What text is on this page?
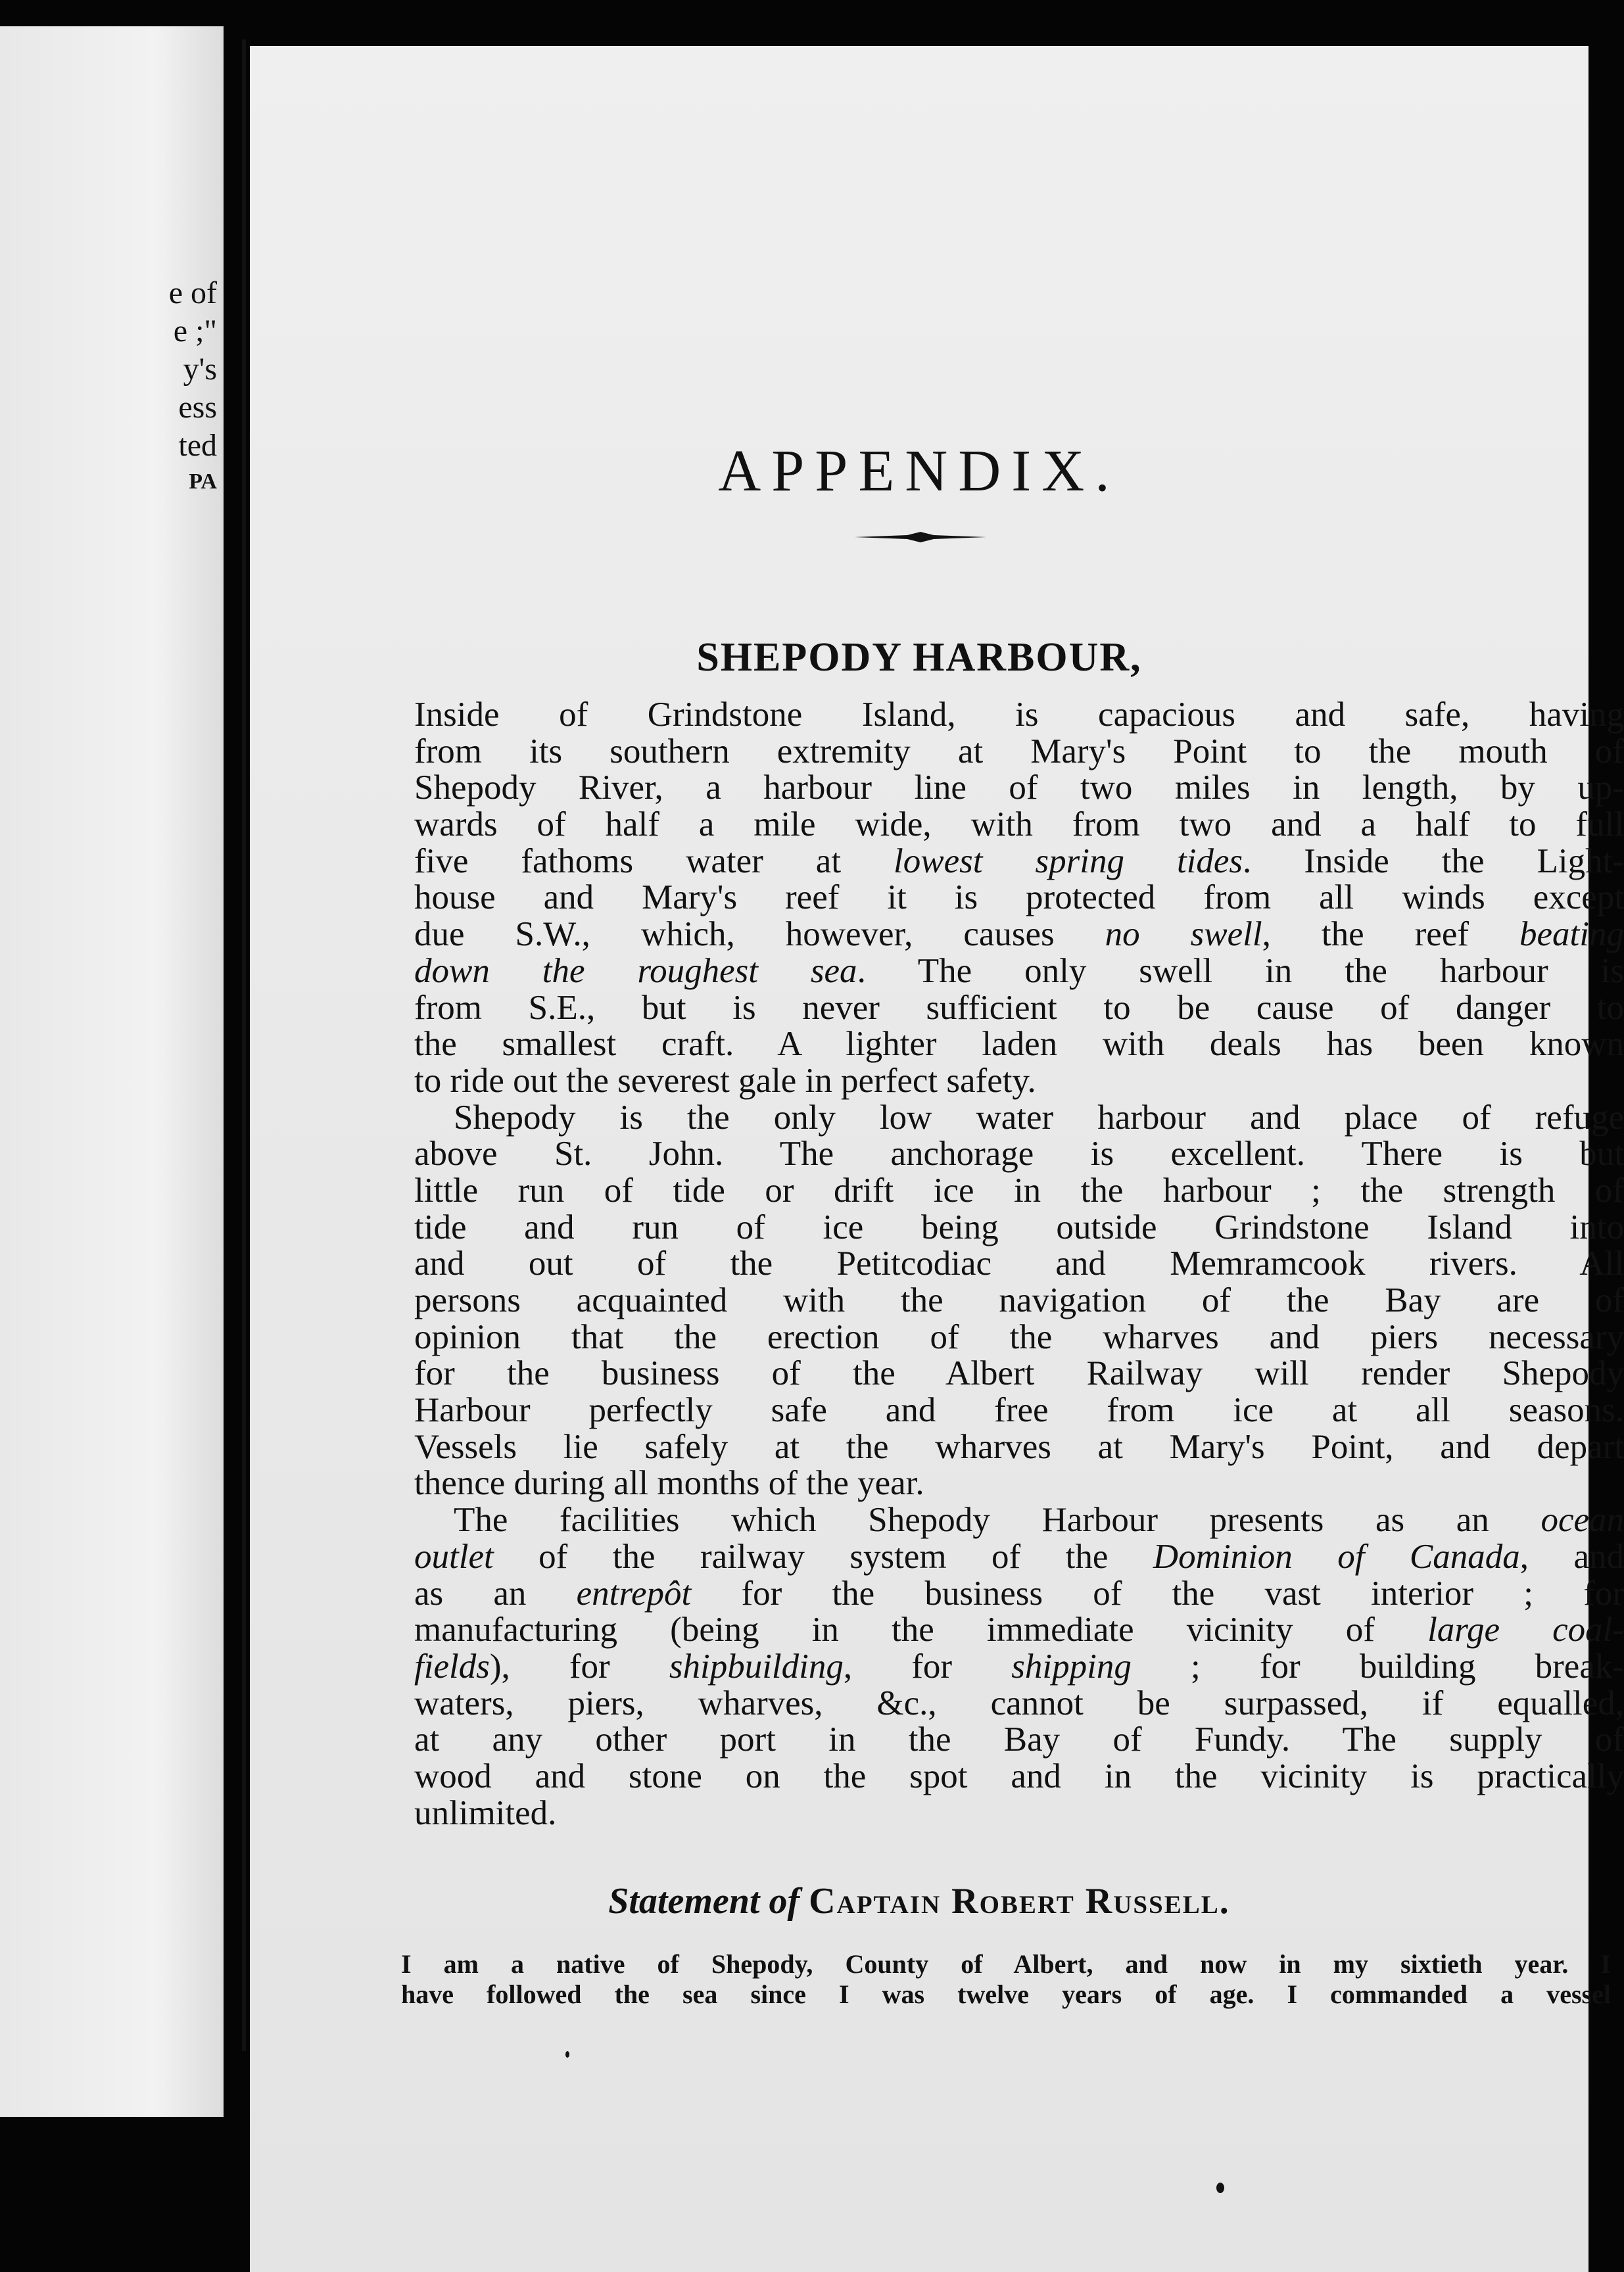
e of

e ;"

y's

ess

ted

PA	APPENDIX.
SHEPODY HARBOUR,
Inside of Grindstone Island, is capacious and safe, having
from its southern extremity at Mary's Point to the mouth of
Shepody River, a harbour line of two miles in length, by up-
wards of half a mile wide, with from two and a half to full
five fathoms water at lowest spring tides. Inside the Light-
house and Mary's reef it is protected from all winds except
due S.W., which, however, causes no swell, the reef beating
down the roughest sea. The only swell in the harbour is
from S.E., but is never sufficient to be cause of danger to
the smallest craft. A lighter laden with deals has been known
to ride out the severest gale in perfect safety.
Shepody is the only low water harbour and place of refuge
above St. John. The anchorage is excellent. There is but
little run of tide or drift ice in the harbour ; the strength of
tide and run of ice being outside Grindstone Island into
and out of the Petitcodiac and Memramcook rivers. All
persons acquainted with the navigation of the Bay are of
opinion that the erection of the wharves and piers necessary
for the business of the Albert Railway will render Shepody
Harbour perfectly safe and free from ice at all seasons.
Vessels lie safely at the wharves at Mary's Point, and depart
thence during all months of the year.
The facilities which Shepody Harbour presents as an ocean
outlet of the railway system of the Dominion of Canada, and
as an entrepôt for the business of the vast interior ; for
manufacturing (being in the immediate vicinity of large coal-
fields), for shipbuilding, for shipping ; for building break-
waters, piers, wharves, &c., cannot be surpassed, if equalled,
at any other port in the Bay of Fundy. The supply of
wood and stone on the spot and in the vicinity is practically
unlimited.

Statement of Captain Robert Russell.

I am a native of Shepody, County of Albert, and now in my sixtieth year. I
have followed the sea since I was twelve years of age. I commanded a vessel
